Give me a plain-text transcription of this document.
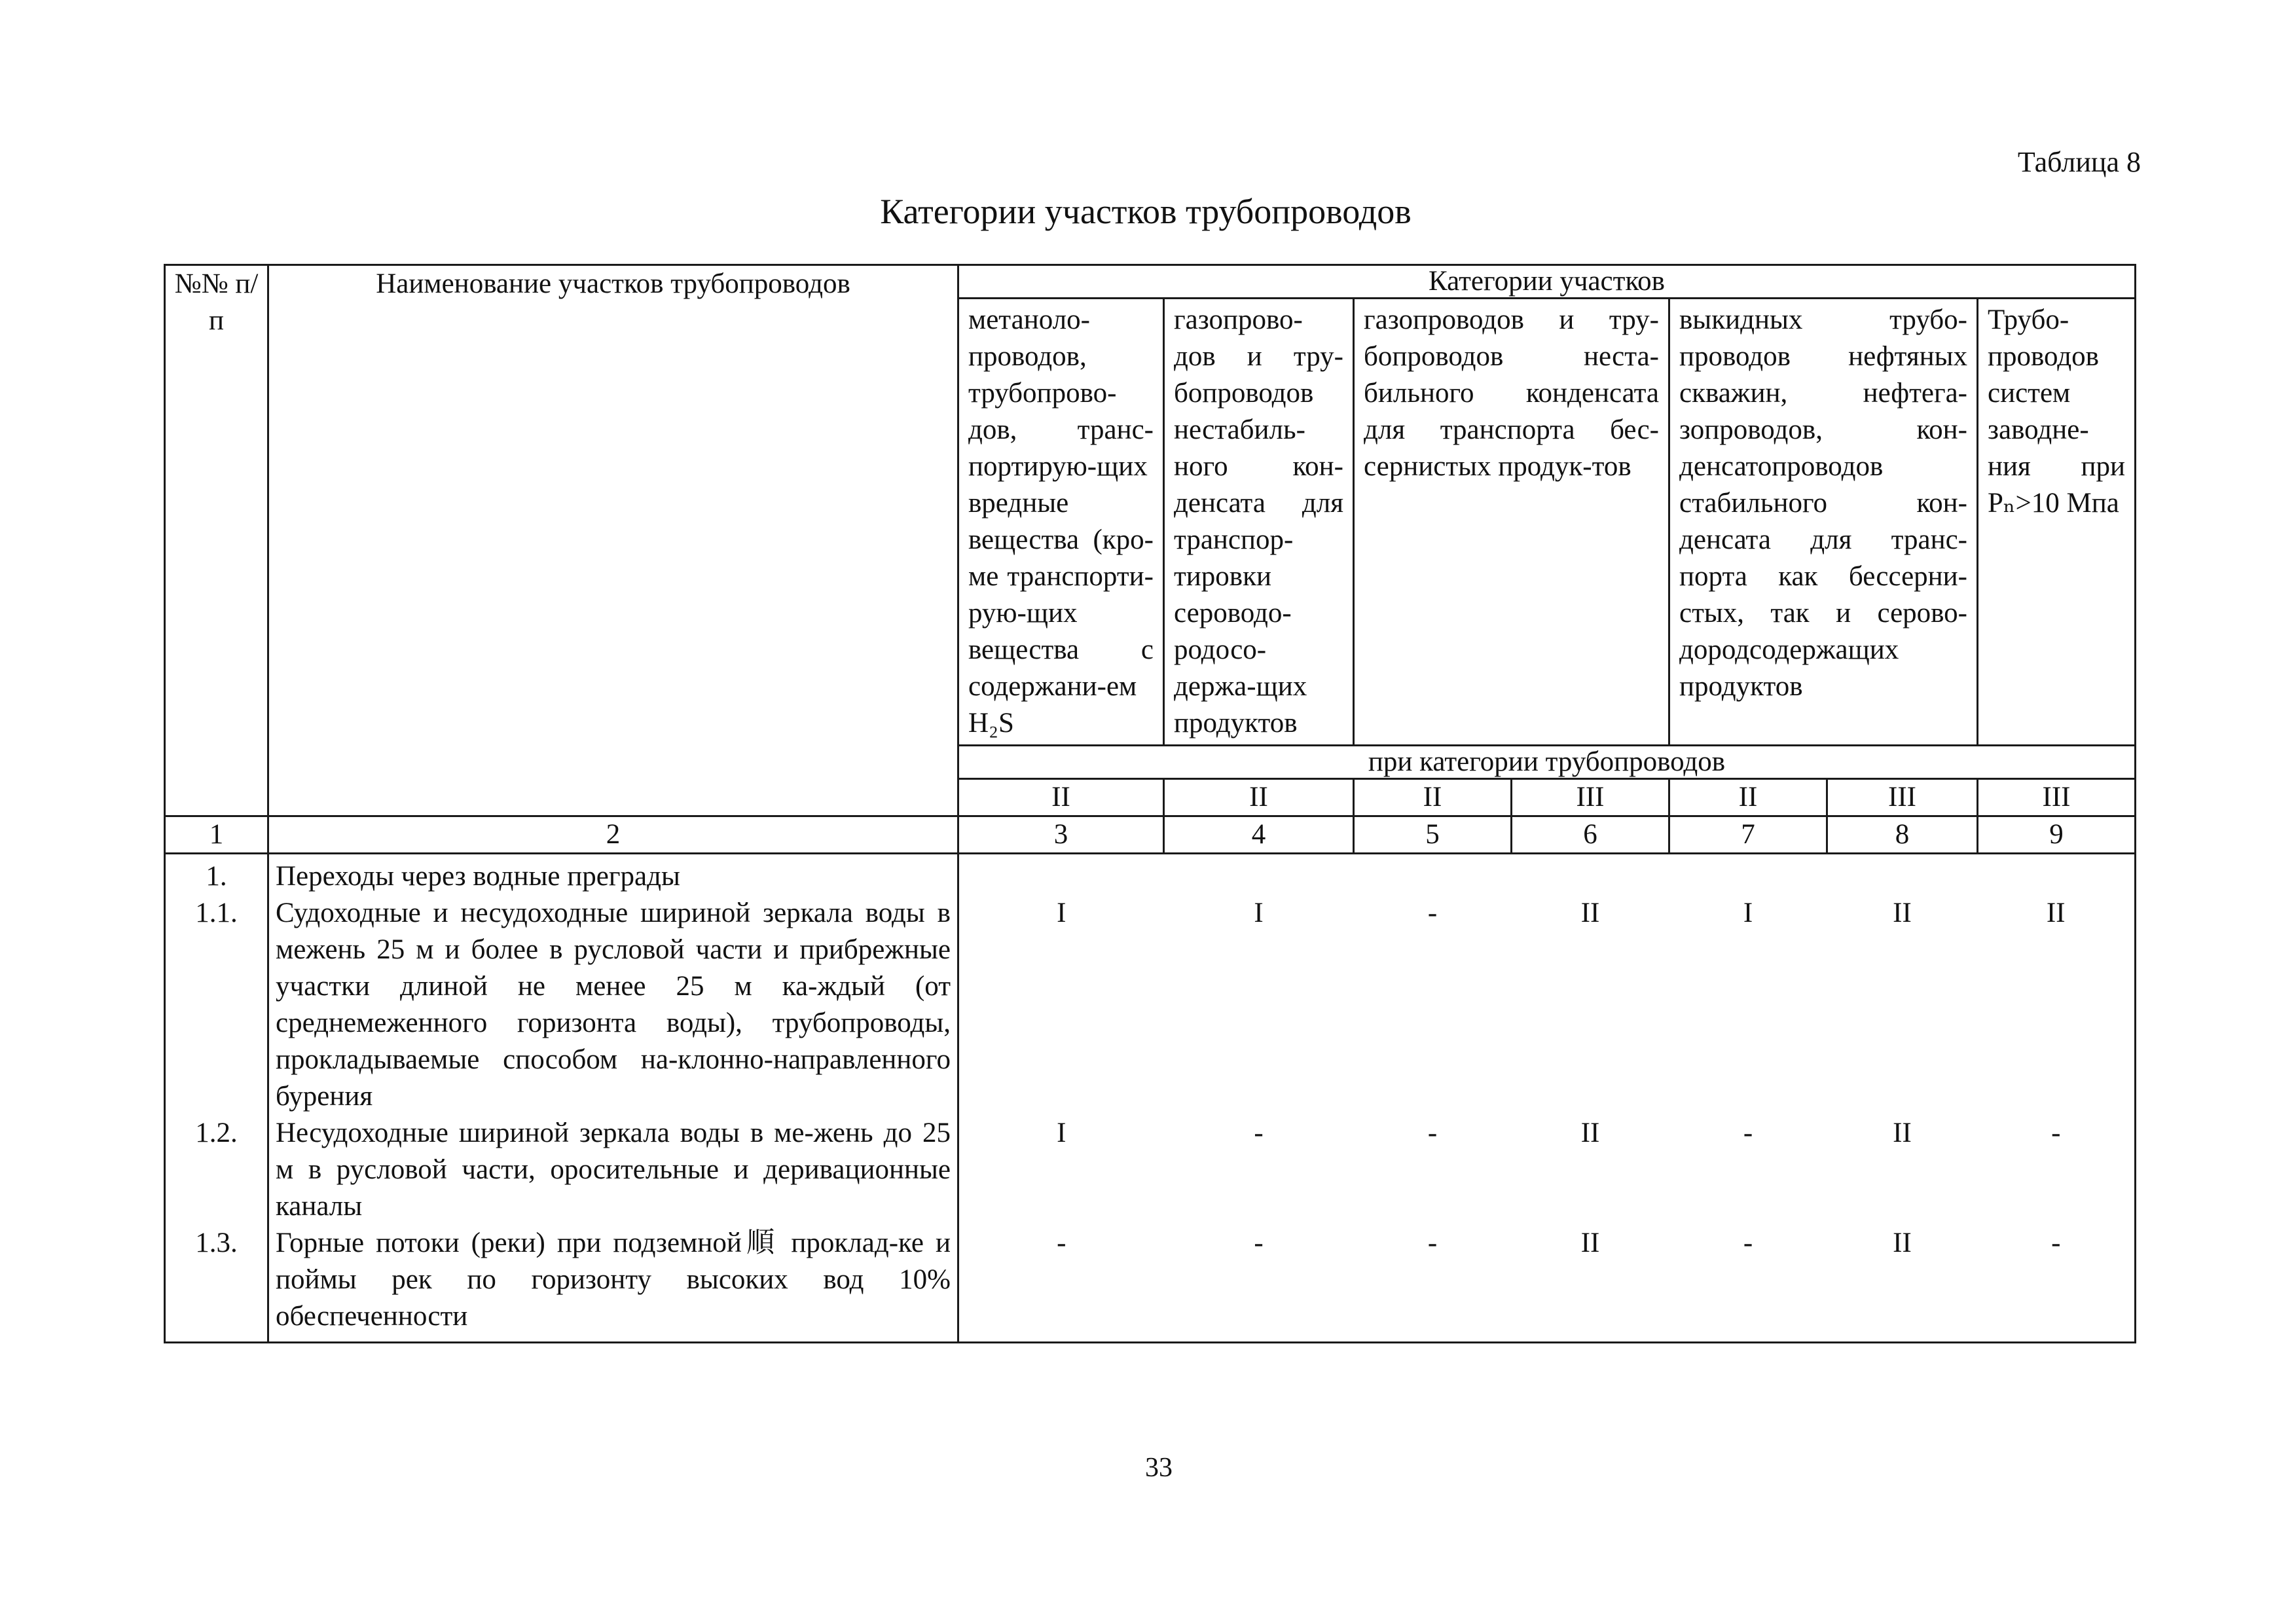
Таблица 8
Категории участков трубопроводов
№№ п/п	Наименование участков трубопроводов	Категории участков						
		метаноло-проводов, трубопрово-дов, транс-портирую-щих вредные вещества (кро-ме транспорти-рую-щих вещества с содержани-ем H₂S	газопрово-дов и тру-бопроводов нестабиль-ного кон-денсата для транспор-тировки сероводо-родосо-держа-щих продуктов	газопроводов и тру-бопроводов неста-бильного конденсата для транспорта бес-сернистых продук-тов		выкидных трубо-проводов нефтяных скважин, нефтега-зопроводов, кон-денсатопроводов стабильного кон-денсата для транс-порта как бессерни-стых, так и серово-дородсодержащих продуктов		Трубо-проводов систем заводне-ния при Pₙ>10 Мпа
		при категории трубопроводов						
		II	II	II	III	II	III	III
1	2	3	4	5	6	7	8	9
1.	Переходы через водные преграды							
1.1.	Судоходные и несудоходные шириной зеркала воды в межень 25 м и более в русловой части и прибрежные участки длиной не менее 25 м ка-ждый (от среднемеженного горизонта воды), трубопроводы, прокладываемые способом на-клонно-направленного бурения	I	I	-	II	I	II	II
1.2.	Несудоходные шириной зеркала воды в ме-жень до 25 м в русловой части, оросительные и деривационные каналы	I	-	-	II	-	II	-
1.3.	Горные потоки (реки) при подземной順 проклад-ке и поймы рек по горизонту высоких вод 10% обеспеченности	-	-	-	II	-	II	-
33
